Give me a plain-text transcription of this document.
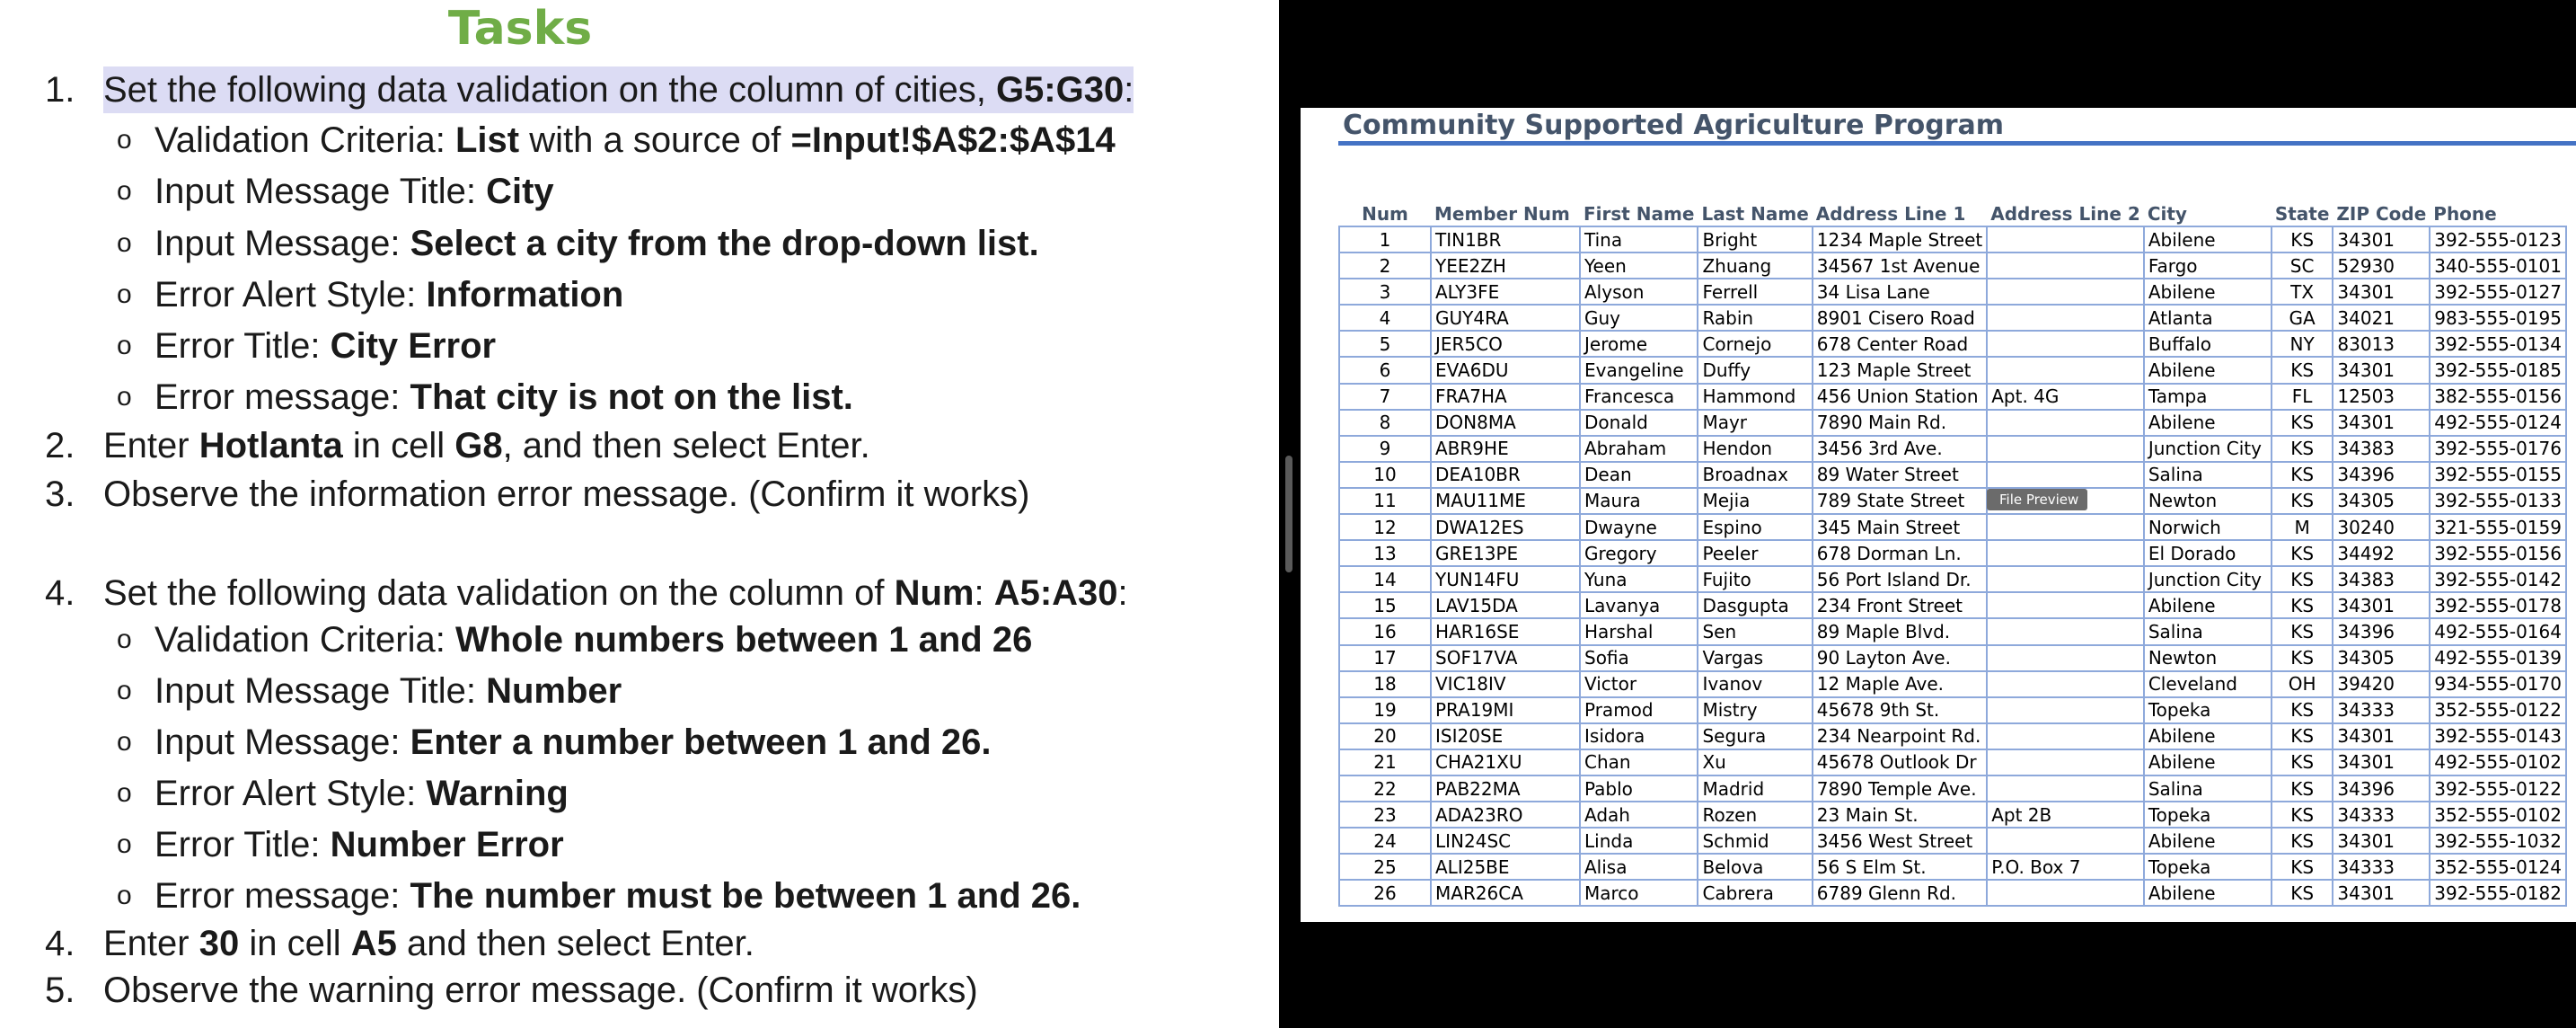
Tasks
1. Set the following data validation on the column of cities, G5:G30:
o Validation Criteria: List with a source of =Input!$A$2:$A$14
o Input Message Title: City
o Input Message: Select a city from the drop-down list.
o Error Alert Style: Information
o Error Title: City Error
o Error message: That city is not on the list.
2. Enter Hotlanta in cell G8, and then select Enter.
3. Observe the information error message. (Confirm it works)
4. Set the following data validation on the column of Num: A5:A30:
o Validation Criteria: Whole numbers between 1 and 26
o Input Message Title: Number
o Input Message: Enter a number between 1 and 26.
o Error Alert Style: Warning
o Error Title: Number Error
o Error message: The number must be between 1 and 26.
4. Enter 30 in cell A5 and then select Enter.
5. Observe the warning error message. (Confirm it works)
Community Supported Agriculture Program
Num	Member Num	First Name	Last Name	Address Line 1	Address Line 2	City	State	ZIP Code	Phone
1	TIN1BR	Tina	Bright	1234 Maple Street		Abilene	KS	34301	392-555-0123
2	YEE2ZH	Yeen	Zhuang	34567 1st Avenue		Fargo	SC	52930	340-555-0101
3	ALY3FE	Alyson	Ferrell	34 Lisa Lane		Abilene	TX	34301	392-555-0127
4	GUY4RA	Guy	Rabin	8901 Cisero Road		Atlanta	GA	34021	983-555-0195
5	JER5CO	Jerome	Cornejo	678 Center Road		Buffalo	NY	83013	392-555-0134
6	EVA6DU	Evangeline	Duffy	123 Maple Street		Abilene	KS	34301	392-555-0185
7	FRA7HA	Francesca	Hammond	456 Union Station	Apt. 4G	Tampa	FL	12503	382-555-0156
8	DON8MA	Donald	Mayr	7890 Main Rd.		Abilene	KS	34301	492-555-0124
9	ABR9HE	Abraham	Hendon	3456 3rd Ave.		Junction City	KS	34383	392-555-0176
10	DEA10BR	Dean	Broadnax	89 Water Street		Salina	KS	34396	392-555-0155
11	MAU11ME	Maura	Mejia	789 State Street		Newton	KS	34305	392-555-0133
12	DWA12ES	Dwayne	Espino	345 Main Street		Norwich	M	30240	321-555-0159
13	GRE13PE	Gregory	Peeler	678 Dorman Ln.		El Dorado	KS	34492	392-555-0156
14	YUN14FU	Yuna	Fujito	56 Port Island Dr.		Junction City	KS	34383	392-555-0142
15	LAV15DA	Lavanya	Dasgupta	234 Front Street		Abilene	KS	34301	392-555-0178
16	HAR16SE	Harshal	Sen	89 Maple Blvd.		Salina	KS	34396	492-555-0164
17	SOF17VA	Sofia	Vargas	90 Layton Ave.		Newton	KS	34305	492-555-0139
18	VIC18IV	Victor	Ivanov	12 Maple Ave.		Cleveland	OH	39420	934-555-0170
19	PRA19MI	Pramod	Mistry	45678 9th St.		Topeka	KS	34333	352-555-0122
20	ISI20SE	Isidora	Segura	234 Nearpoint Rd.		Abilene	KS	34301	392-555-0143
21	CHA21XU	Chan	Xu	45678 Outlook Dr		Abilene	KS	34301	492-555-0102
22	PAB22MA	Pablo	Madrid	7890 Temple Ave.		Salina	KS	34396	392-555-0122
23	ADA23RO	Adah	Rozen	23 Main St.	Apt 2B	Topeka	KS	34333	352-555-0102
24	LIN24SC	Linda	Schmid	3456 West Street		Abilene	KS	34301	392-555-1032
25	ALI25BE	Alisa	Belova	56 S Elm St.	P.O. Box 7	Topeka	KS	34333	352-555-0124
26	MAR26CA	Marco	Cabrera	6789 Glenn Rd.		Abilene	KS	34301	392-555-0182
File Preview
